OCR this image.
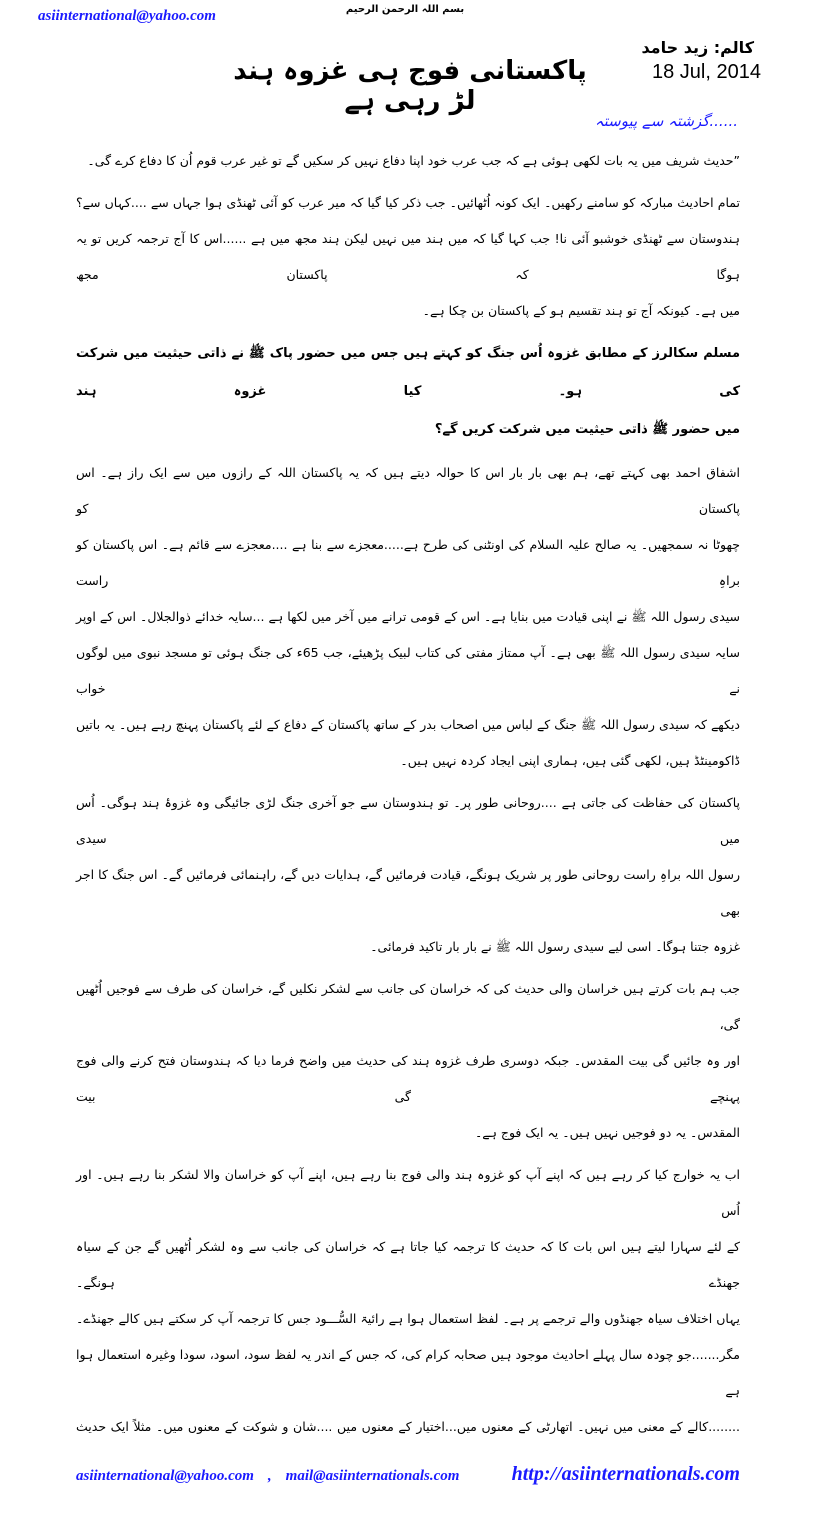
asiinternational@yahoo.com	بسم اللہ الرحمن الرحیم
کالم: زید حامد
18 Jul, 2014
پاکستانی فوج ہی غزوہ ہند لڑ رہی ہے
......گزشتہ سے پیوستہ
”حدیث شریف میں یہ بات لکھی ہوئی ہے کہ جب عرب خود اپنا دفاع نہیں کر سکیں گے تو غیر عرب قوم اُن کا دفاع کرے گی۔
تمام احادیث مبارکہ کو سامنے رکھیں۔ ایک کونہ اُٹھائیں۔ جب ذکر کیا گیا کہ میر عرب کو آئی ٹھنڈی ہوا جہاں سے ....کہاں سے؟
ہندوستان سے ٹھنڈی خوشبو آئی نا! جب کہا گیا کہ میں ہند میں نہیں لیکن ہند مجھ میں ہے ......اس کا آج ترجمہ کریں تو یہ ہوگا کہ پاکستان مجھ
میں ہے۔ کیونکہ آج تو ہند تقسیم ہو کے پاکستان بن چکا ہے۔
مسلم سکالرز کے مطابق غزوہ اُس جنگ کو کہتے ہیں جس میں حضور پاک ﷺ نے ذاتی حیثیت میں شرکت کی ہو۔ کیا غزوہ ہند
میں حضور ﷺ ذاتی حیثیت میں شرکت کریں گے؟
اشفاق احمد بھی کہتے تھے، ہم بھی بار بار اس کا حوالہ دیتے ہیں کہ یہ پاکستان اللہ کے رازوں میں سے ایک راز ہے۔ اس پاکستان کو
چھوٹا نہ سمجھیں۔ یہ صالح علیہ السلام کی اونٹنی کی طرح ہے.....معجزے سے بنا ہے ....معجزے سے قائم ہے۔ اس پاکستان کو براہِ راست
سیدی رسول اللہ ﷺ نے اپنی قیادت میں بنایا ہے۔ اس کے قومی ترانے میں آخر میں لکھا ہے ...سایہ خدائے ذوالجلال۔ اس کے اوپر
سایہ سیدی رسول اللہ ﷺ بھی ہے۔ آپ ممتاز مفتی کی کتاب لبیک پڑھیئے، جب 65ء کی جنگ ہوئی تو مسجد نبوی میں لوگوں نے خواب
دیکھے کہ سیدی رسول اللہ ﷺ جنگ کے لباس میں اصحاب بدر کے ساتھ پاکستان کے دفاع کے لئے پاکستان پہنچ رہے ہیں۔ یہ باتیں
ڈاکومینٹڈ ہیں، لکھی گئی ہیں، ہماری اپنی ایجاد کردہ نہیں ہیں۔
پاکستان کی حفاظت کی جاتی ہے ....روحانی طور پر۔ تو ہندوستان سے جو آخری جنگ لڑی جائیگی وہ غزوۂ ہند ہوگی۔ اُس میں سیدی
رسول اللہ براہِ راست روحانی طور پر شریک ہونگے، قیادت فرمائیں گے، ہدایات دیں گے، راہنمائی فرمائیں گے۔ اس جنگ کا اجر بھی
غزوہ جتنا ہوگا۔ اسی لیے سیدی رسول اللہ ﷺ نے بار بار تاکید فرمائی۔
جب ہم بات کرتے ہیں خراسان والی حدیث کی کہ خراسان کی جانب سے لشکر نکلیں گے، خراسان کی طرف سے فوجیں اُٹھیں گی،
اور وہ جائیں گی بیت المقدس۔ جبکہ دوسری طرف غزوہ ہند کی حدیث میں واضح فرما دیا کہ ہندوستان فتح کرنے والی فوج پہنچے گی بیت
المقدس۔ یہ دو فوجیں نہیں ہیں۔ یہ ایک فوج ہے۔
اب یہ خوارج کیا کر رہے ہیں کہ اپنے آپ کو غزوہ ہند والی فوج بنا رہے ہیں، اپنے آپ کو خراسان والا لشکر بنا رہے ہیں۔ اور اُس
کے لئے سہارا لیتے ہیں اس بات کا کہ حدیث کا ترجمہ کیا جاتا ہے کہ خراسان کی جانب سے وہ لشکر اُٹھیں گے جن کے سیاہ جھنڈے ہونگے۔
یہاں اختلاف سیاہ جھنڈوں والے ترجمے پر ہے۔ لفظ استعمال ہوا ہے رائیۃ السُّـــود جس کا ترجمہ آپ کر سکتے ہیں کالے جھنڈے۔
مگر.......جو چودہ سال پہلے احادیث موجود ہیں صحابہ کرام کی، کہ جس کے اندر یہ لفظ سود، اسود، سودا وغیرہ استعمال ہوا ہے
........کالے کے معنی میں نہیں۔ اتھارٹی کے معنوں میں...اختیار کے معنوں میں ....شان و شوکت کے معنوں میں۔ مثلاً ایک حدیث
asiinternational@yahoo.com , mail@asiinternationals.com	http://asiinternationals.com
